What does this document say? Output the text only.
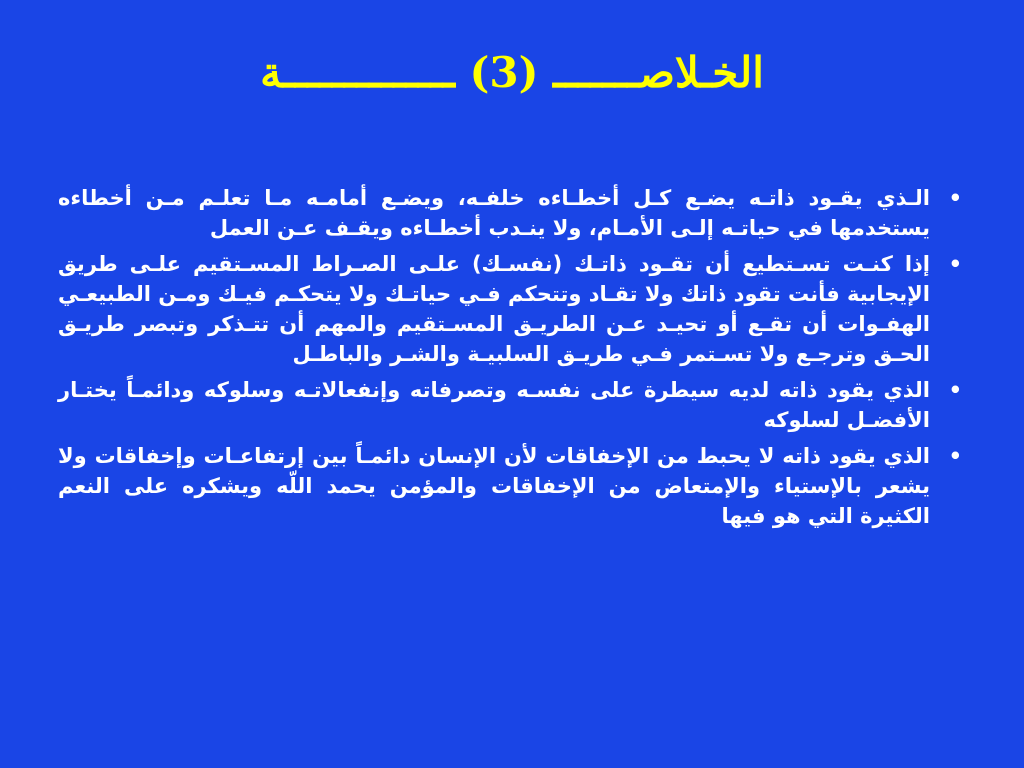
الخـلاصـــــــ (3) ــــــــــــــة
•
الـذي يقـود ذاتـه يضـع كـل أخطـاءه خلفـه، ويضـع أمامـه مـا تعلـم مـن أخطاءه يستخدمها في حياتـه إلـى الأمـام، ولا ينـدب أخطـاءه ويقـف عـن العمل
•
إذا كنـت تسـتطيع أن تقـود ذاتـك (نفسـك) علـى الصـراط المسـتقيم علـى طريق الإيجابية فأنت تقود ذاتك ولا تقـاد وتتحكم فـي حياتـك ولا يتحكـم فيـك ومـن الطبيعـي الهفـوات أن تقـع أو تحيـد عـن الطريـق المسـتقيم والمهم أن تتـذكر وتبصر طريـق الحـق وترجـع ولا تسـتمر فـي طريـق السلبيـة والشـر والباطـل
•
الذي يقود ذاته لديه سيطرة على نفسـه وتصرفاته وإنفعالاتـه وسلوكه ودائمـاً يختـار الأفضـل لسلوكه
•
الذي يقود ذاته لا يحبط من الإخفاقات لأن الإنسان دائمـاً بين إرتفاعـات وإخفاقات ولا يشعر بالإستياء والإمتعاض من الإخفاقات والمؤمن يحمد اللّه ويشكره على النعم الكثيرة التي هو فيها
